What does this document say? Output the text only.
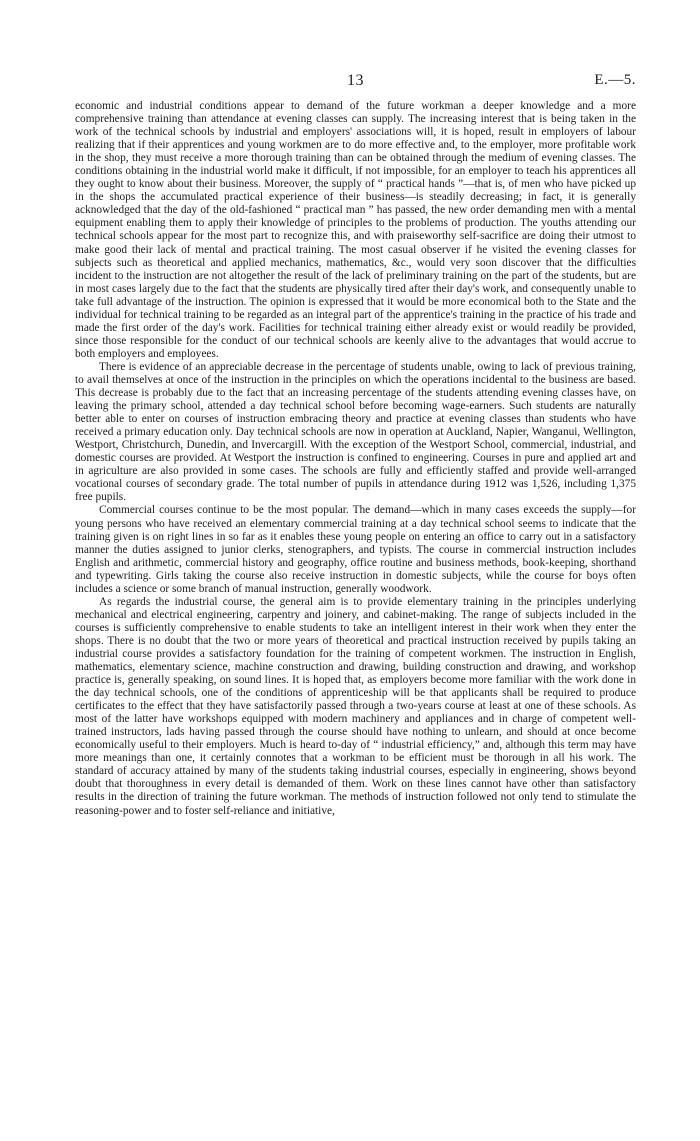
13	E.—5.

economic and industrial conditions appear to demand of the future workman a deeper knowledge and a more comprehensive training than attendance at evening classes can supply. The increasing interest that is being taken in the work of the technical schools by industrial and employers' associations will, it is hoped, result in employers of labour realizing that if their apprentices and young workmen are to do more effective and, to the employer, more profitable work in the shop, they must receive a more thorough training than can be obtained through the medium of evening classes. The conditions obtaining in the industrial world make it difficult, if not impossible, for an employer to teach his apprentices all they ought to know about their business. Moreover, the supply of “ practical hands ”—that is, of men who have picked up in the shops the accumulated practical experience of their business—is steadily decreasing; in fact, it is generally acknowledged that the day of the old-fashioned “ practical man ” has passed, the new order demanding men with a mental equipment enabling them to apply their knowledge of principles to the problems of production. The youths attending our technical schools appear for the most part to recognize this, and with praiseworthy self-sacrifice are doing their utmost to make good their lack of mental and practical training. The most casual observer if he visited the evening classes for subjects such as theoretical and applied mechanics, mathematics, &c., would very soon discover that the difficulties incident to the instruction are not altogether the result of the lack of preliminary training on the part of the students, but are in most cases largely due to the fact that the students are physically tired after their day's work, and consequently unable to take full advantage of the instruction. The opinion is expressed that it would be more economical both to the State and the individual for technical training to be regarded as an integral part of the apprentice's training in the practice of his trade and made the first order of the day's work. Facilities for technical training either already exist or would readily be provided, since those responsible for the conduct of our technical schools are keenly alive to the advantages that would accrue to both employers and employees.

There is evidence of an appreciable decrease in the percentage of students unable, owing to lack of previous training, to avail themselves at once of the instruction in the principles on which the operations incidental to the business are based. This decrease is probably due to the fact that an increasing percentage of the students attending evening classes have, on leaving the primary school, attended a day technical school before becoming wage-earners. Such students are naturally better able to enter on courses of instruction embracing theory and practice at evening classes than students who have received a primary education only. Day technical schools are now in operation at Auckland, Napier, Wanganui, Wellington, Westport, Christchurch, Dunedin, and Invercargill. With the exception of the Westport School, commercial, industrial, and domestic courses are provided. At Westport the instruction is confined to engineering. Courses in pure and applied art and in agriculture are also provided in some cases. The schools are fully and efficiently staffed and provide well-arranged vocational courses of secondary grade. The total number of pupils in attendance during 1912 was 1,526, including 1,375 free pupils.

Commercial courses continue to be the most popular. The demand—which in many cases exceeds the supply—for young persons who have received an elementary commercial training at a day technical school seems to indicate that the training given is on right lines in so far as it enables these young people on entering an office to carry out in a satisfactory manner the duties assigned to junior clerks, stenographers, and typists. The course in commercial instruction includes English and arithmetic, commercial history and geography, office routine and business methods, book-keeping, shorthand and typewriting. Girls taking the course also receive instruction in domestic subjects, while the course for boys often includes a science or some branch of manual instruction, generally woodwork.

As regards the industrial course, the general aim is to provide elementary training in the principles underlying mechanical and electrical engineering, carpentry and joinery, and cabinet-making. The range of subjects included in the courses is sufficiently comprehensive to enable students to take an intelligent interest in their work when they enter the shops. There is no doubt that the two or more years of theoretical and practical instruction received by pupils taking an industrial course provides a satisfactory foundation for the training of competent workmen. The instruction in English, mathematics, elementary science, machine construction and drawing, building construction and drawing, and workshop practice is, generally speaking, on sound lines. It is hoped that, as employers become more familiar with the work done in the day technical schools, one of the conditions of apprenticeship will be that applicants shall be required to produce certificates to the effect that they have satisfactorily passed through a two-years course at least at one of these schools. As most of the latter have workshops equipped with modern machinery and appliances and in charge of competent well-trained instructors, lads having passed through the course should have nothing to unlearn, and should at once become economically useful to their employers. Much is heard to-day of “ industrial efficiency,” and, although this term may have more meanings than one, it certainly connotes that a workman to be efficient must be thorough in all his work. The standard of accuracy attained by many of the students taking industrial courses, especially in engineering, shows beyond doubt that thoroughness in every detail is demanded of them. Work on these lines cannot have other than satisfactory results in the direction of training the future workman. The methods of instruction followed not only tend to stimulate the reasoning-power and to foster self-reliance and initiative,
